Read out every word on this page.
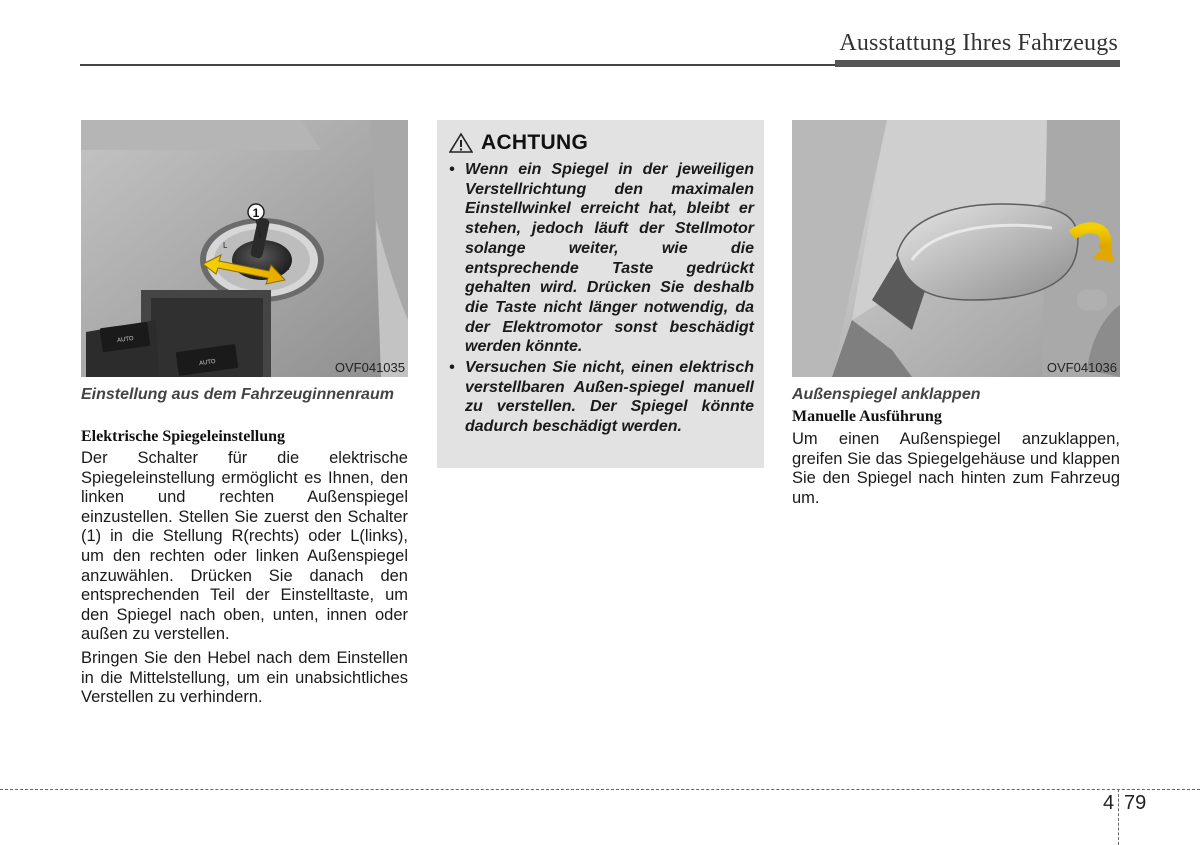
Ausstattung Ihres Fahrzeugs
1
L
R
AUTO
AUTO	OVF041035
Einstellung aus dem Fahrzeuginnenraum
Elektrische Spiegeleinstellung

Der Schalter für die elektrische Spiegeleinstellung ermöglicht es Ihnen, den linken und rechten Außenspiegel einzustellen. Stellen Sie zuerst den Schalter (1) in die Stellung R(rechts) oder L(links), um den rechten oder linken Außenspiegel anzuwählen. Drücken Sie danach den entsprechenden Teil der Einstelltaste, um den Spiegel nach oben, unten, innen oder außen zu verstellen.

Bringen Sie den Hebel nach dem Einstellen in die Mittelstellung, um ein unabsichtliches Verstellen zu verhindern.

ACHTUNG
• Wenn ein Spiegel in der jeweiligen Verstellrichtung den maximalen Einstellwinkel erreicht hat, bleibt er stehen, jedoch läuft der Stellmotor solange weiter, wie die entsprechende Taste gedrückt gehalten wird. Drücken Sie deshalb die Taste nicht länger notwendig, da der Elektromotor sonst beschädigt werden könnte.
• Versuchen Sie nicht, einen elektrisch verstellbaren Außen-spiegel manuell zu verstellen. Der Spiegel könnte dadurch beschädigt werden.
OVF041036
Außenspiegel anklappen
Manuelle Ausführung

Um einen Außenspiegel anzuklappen, greifen Sie das Spiegelgehäuse und klappen Sie den Spiegel nach hinten zum Fahrzeug um.

4 79
